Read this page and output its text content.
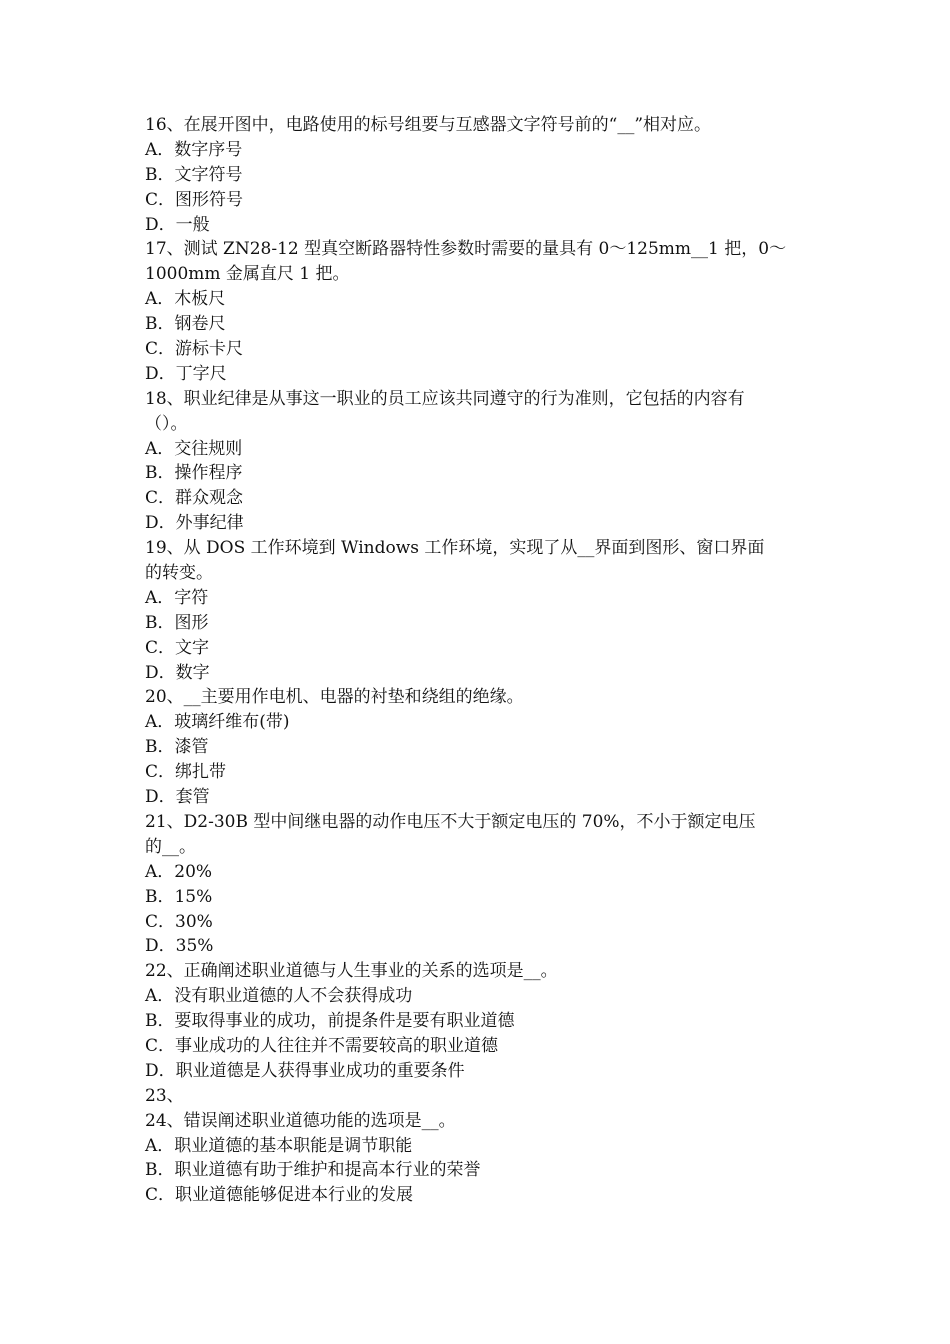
16、在展开图中，电路使用的标号组要与互感器文字符号前的“__”相对应。
A．数字序号
B．文字符号
C．图形符号
D．一般
17、测试 ZN28-12 型真空断路器特性参数时需要的量具有 0～125mm__1 把，0～
1000mm 金属直尺 1 把。
A．木板尺
B．钢卷尺
C．游标卡尺
D．丁字尺
18、职业纪律是从事这一职业的员工应该共同遵守的行为准则，它包括的内容有
（）。
A．交往规则
B．操作程序
C．群众观念
D．外事纪律
19、从 DOS 工作环境到 Windows 工作环境，实现了从__界面到图形、窗口界面
的转变。
A．字符
B．图形
C．文字
D．数字
20、__主要用作电机、电器的衬垫和绕组的绝缘。
A．玻璃纤维布(带)
B．漆管
C．绑扎带
D．套管
21、D2-30B 型中间继电器的动作电压不大于额定电压的 70%，不小于额定电压
的__。
A．20%
B．15%
C．30%
D．35%
22、正确阐述职业道德与人生事业的关系的选项是__。
A．没有职业道德的人不会获得成功
B．要取得事业的成功，前提条件是要有职业道德
C．事业成功的人往往并不需要较高的职业道德
D．职业道德是人获得事业成功的重要条件
23、
24、错误阐述职业道德功能的选项是__。
A．职业道德的基本职能是调节职能
B．职业道德有助于维护和提高本行业的荣誉
C．职业道德能够促进本行业的发展
